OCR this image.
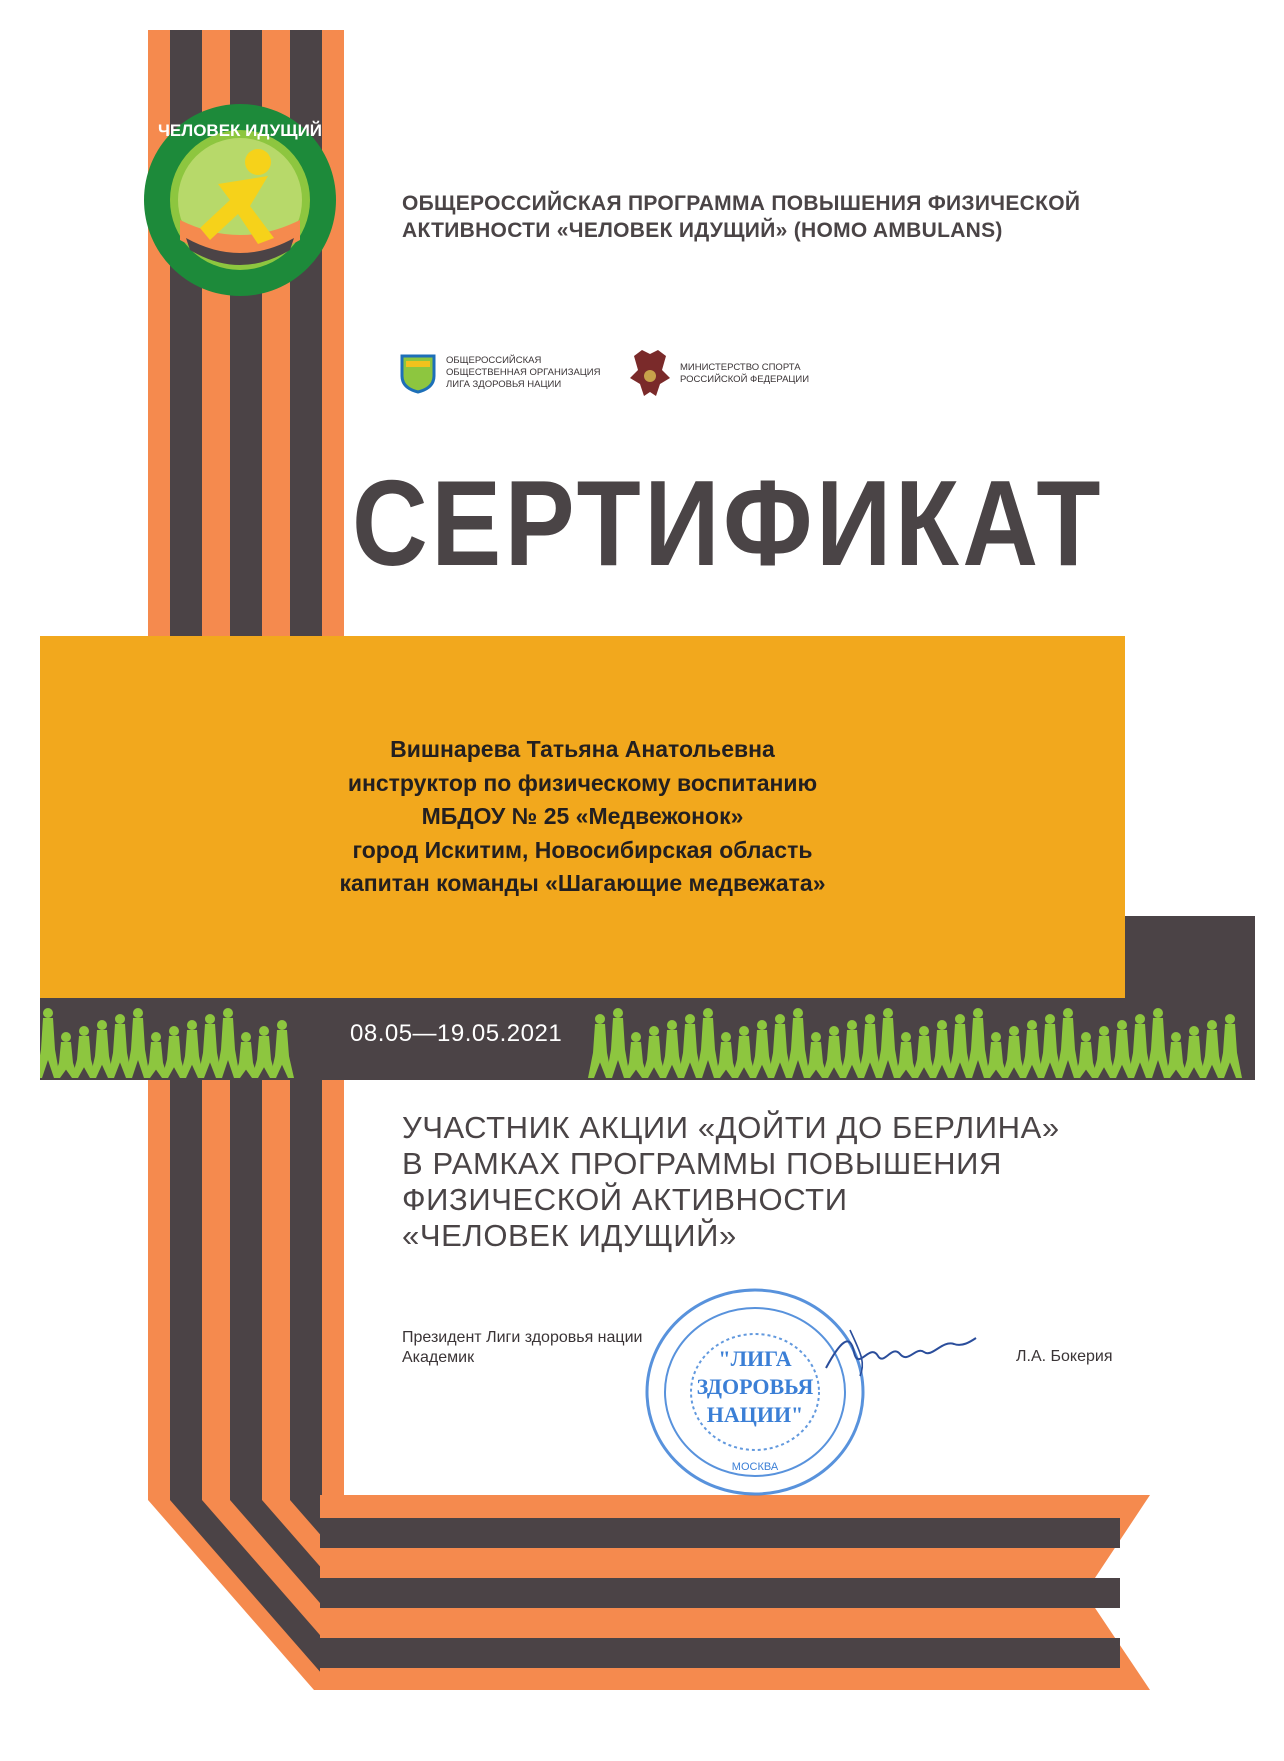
ЧЕЛОВЕК ИДУЩИЙ
ОБЩЕРОССИЙСКАЯ ПРОГРАММА ПОВЫШЕНИЯ ФИЗИЧЕСКОЙ
АКТИВНОСТИ «ЧЕЛОВЕК ИДУЩИЙ» (HOMO AMBULANS)
ОБЩЕРОССИЙСКАЯ
ОБЩЕСТВЕННАЯ ОРГАНИЗАЦИЯ
ЛИГА ЗДОРОВЬЯ НАЦИИ
МИНИСТЕРСТВО СПОРТА
РОССИЙСКОЙ ФЕДЕРАЦИИ
СЕРТИФИКАТ
Вишнарева Татьяна Анатольевна
инструктор по физическому воспитанию
МБДОУ № 25 «Медвежонок»
город Искитим, Новосибирская область
капитан команды «Шагающие медвежата»
08.05—19.05.2021
УЧАСТНИК АКЦИИ «ДОЙТИ ДО БЕРЛИНА»
В РАМКАХ ПРОГРАММЫ ПОВЫШЕНИЯ
ФИЗИЧЕСКОЙ АКТИВНОСТИ
«ЧЕЛОВЕК ИДУЩИЙ»
Президент Лиги здоровья нации
Академик	Л.А. Бокерия
"ЛИГА
ЗДОРОВЬЯ
НАЦИИ"
МОСКВА
